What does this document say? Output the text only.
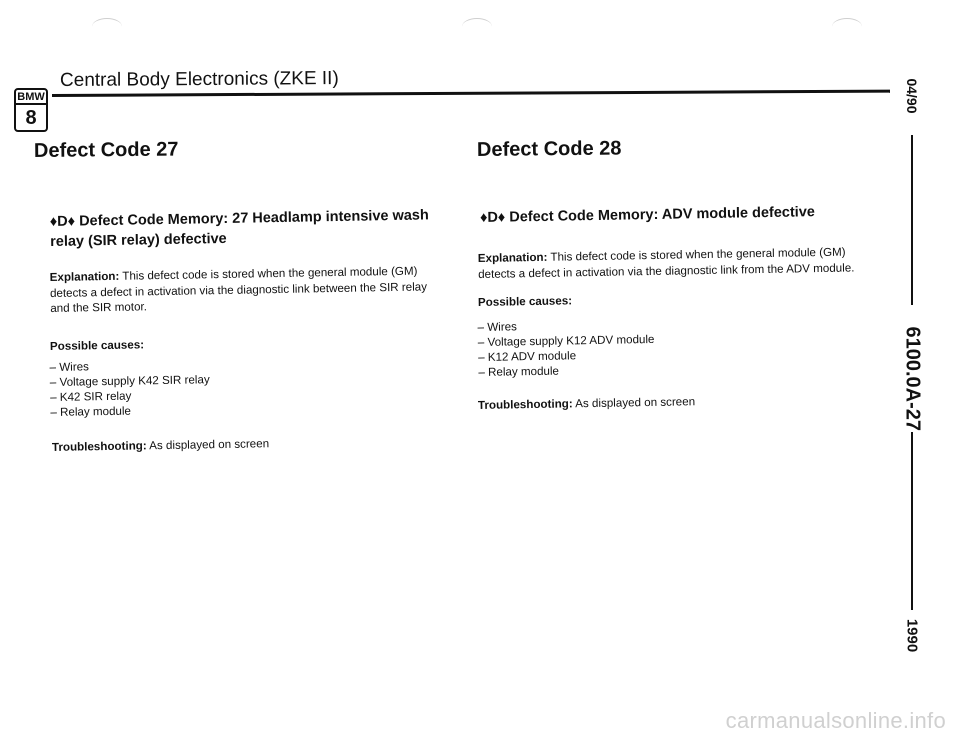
BMW
8
Central Body Electronics (ZKE II)
Defect Code 27
♦D♦ Defect Code Memory: 27 Headlamp intensive wash
relay (SIR relay) defective
Explanation: This defect code is stored when the general module (GM)
detects a defect in activation via the diagnostic link between the SIR relay
and the SIR motor.
Possible causes:
– Wires
– Voltage supply K42 SIR relay
– K42 SIR relay
– Relay module
Troubleshooting: As displayed on screen
Defect Code 28
♦D♦ Defect Code Memory: ADV module defective
Explanation: This defect code is stored when the general module (GM)
detects a defect in activation via the diagnostic link from the ADV module.
Possible causes:
– Wires
– Voltage supply K12 ADV module
– K12 ADV module
– Relay module
Troubleshooting: As displayed on screen
04/90
6100.0A-27
1990
carmanualsonline.info
